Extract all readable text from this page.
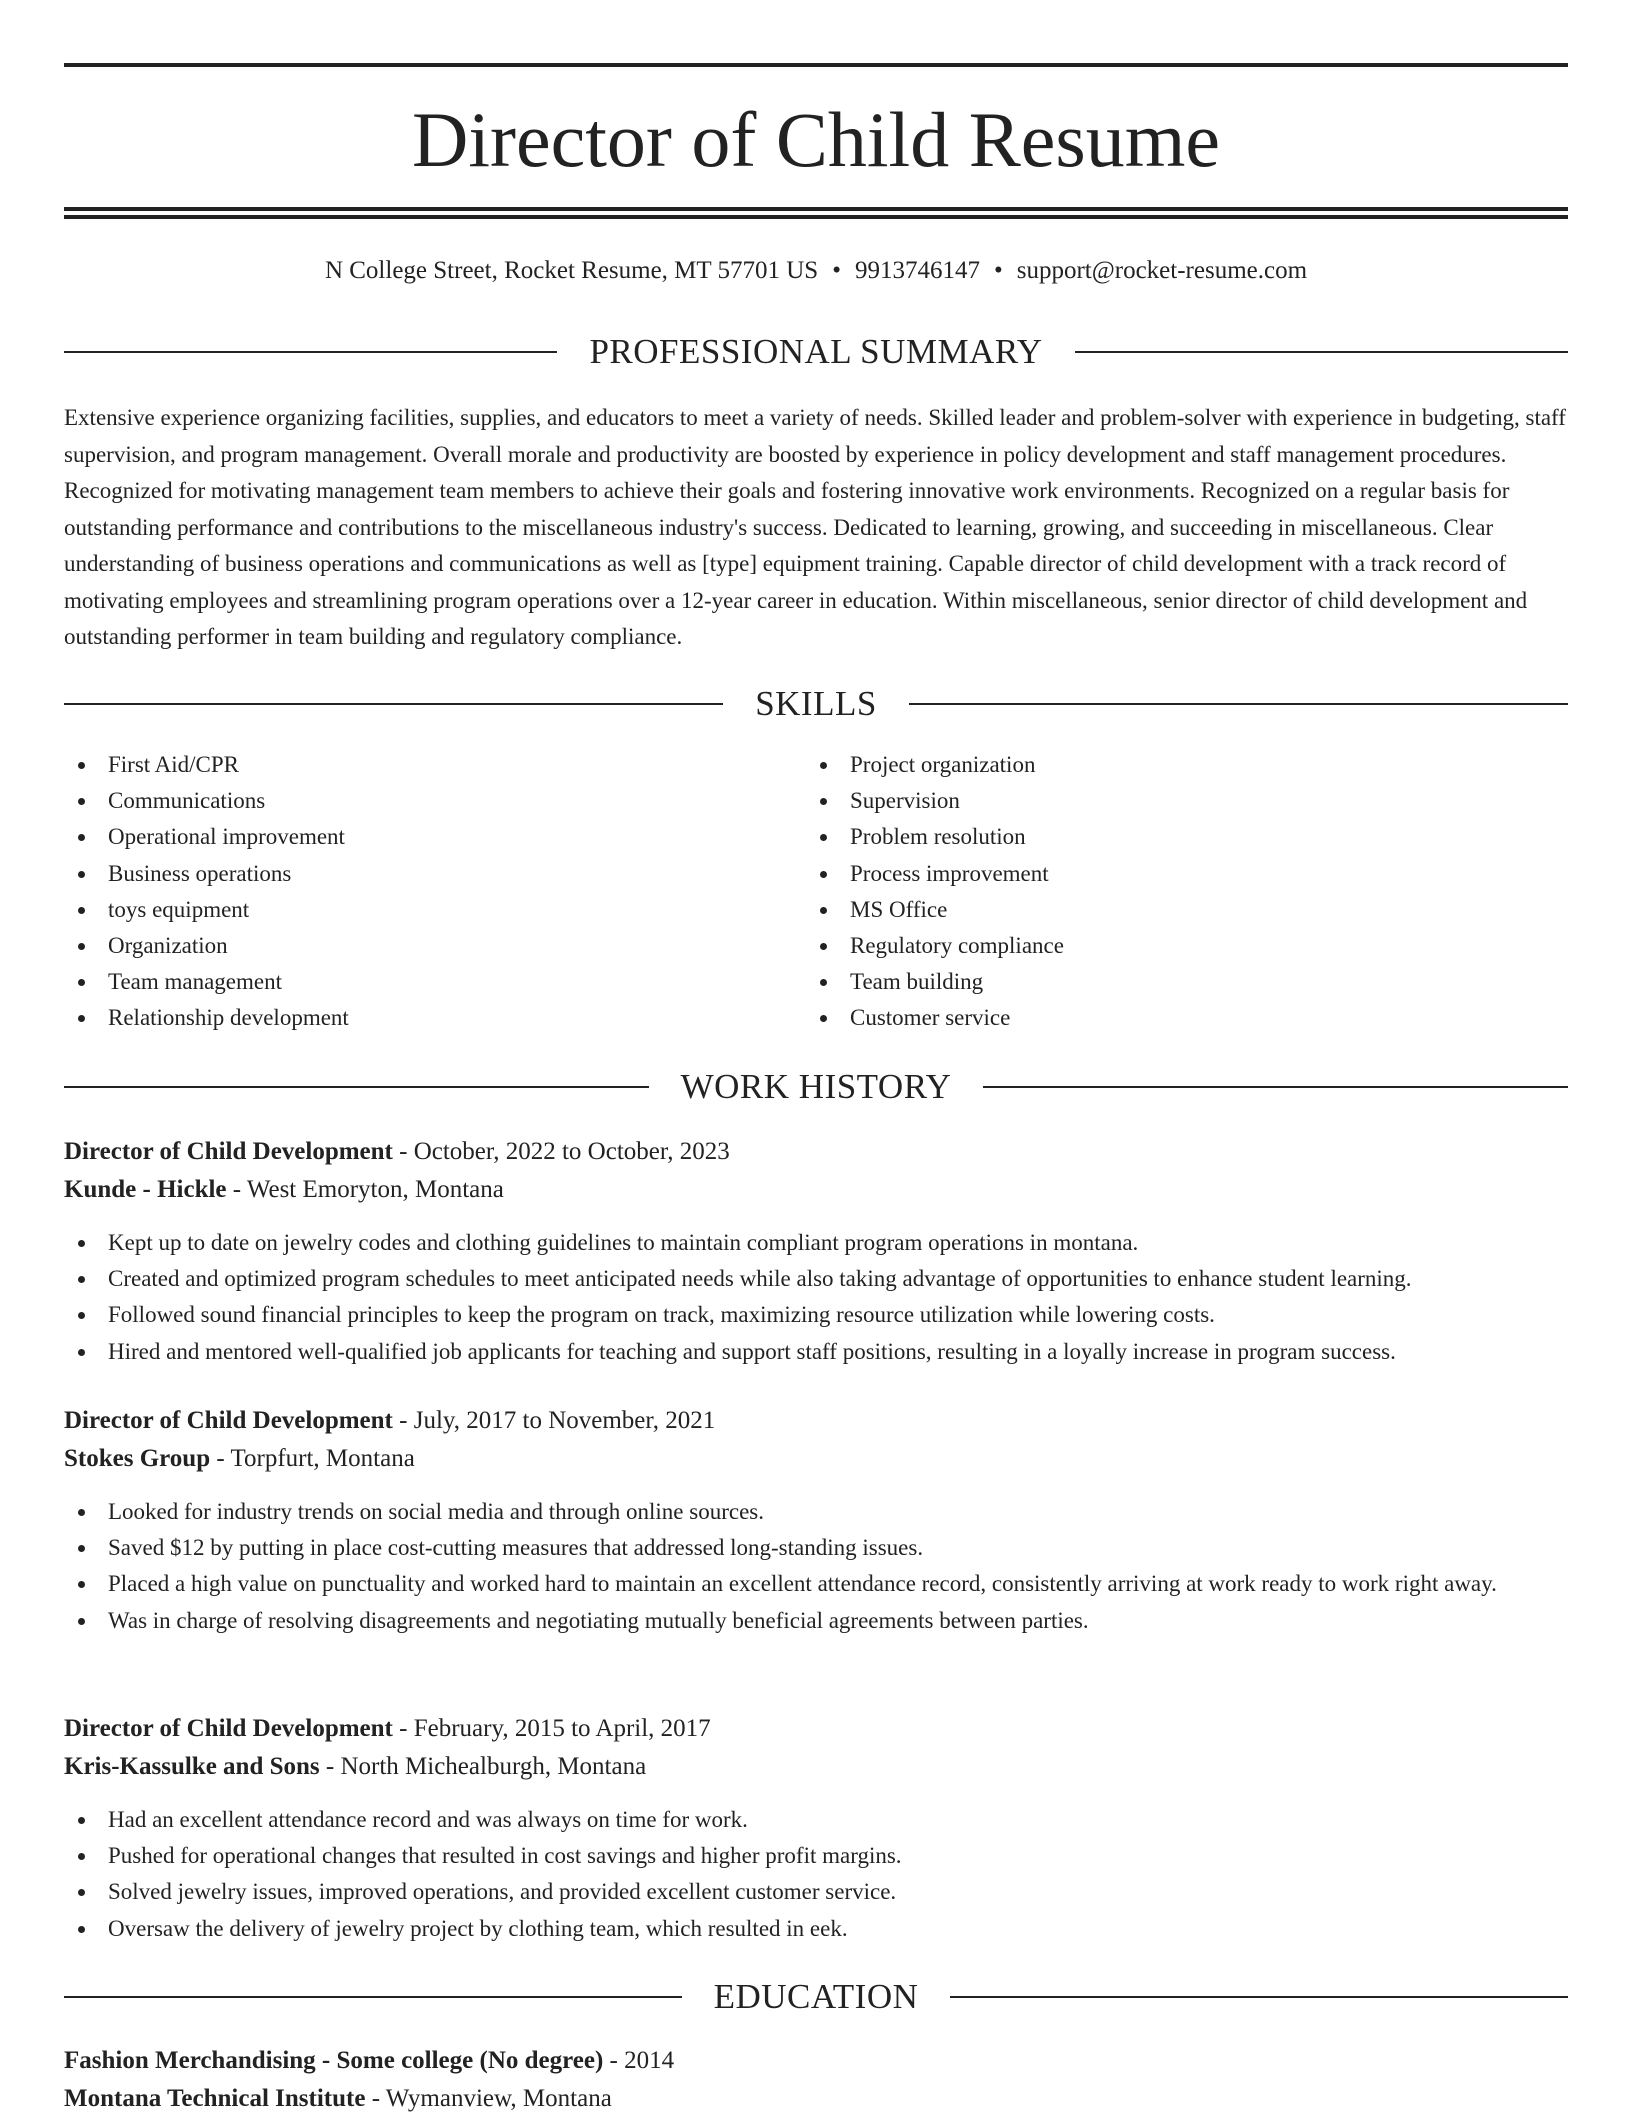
Director of Child Resume
N College Street, Rocket Resume, MT 57701 US • 9913746147 • support@rocket-resume.com
PROFESSIONAL SUMMARY
Extensive experience organizing facilities, supplies, and educators to meet a variety of needs. Skilled leader and problem-solver with experience in budgeting, staff supervision, and program management. Overall morale and productivity are boosted by experience in policy development and staff management procedures. Recognized for motivating management team members to achieve their goals and fostering innovative work environments. Recognized on a regular basis for outstanding performance and contributions to the miscellaneous industry's success. Dedicated to learning, growing, and succeeding in miscellaneous. Clear understanding of business operations and communications as well as [type] equipment training. Capable director of child development with a track record of motivating employees and streamlining program operations over a 12-year career in education. Within miscellaneous, senior director of child development and outstanding performer in team building and regulatory compliance.
SKILLS
First Aid/CPR
Communications
Operational improvement
Business operations
toys equipment
Organization
Team management
Relationship development
Project organization
Supervision
Problem resolution
Process improvement
MS Office
Regulatory compliance
Team building
Customer service
WORK HISTORY
Director of Child Development - October, 2022 to October, 2023
Kunde - Hickle - West Emoryton, Montana
Kept up to date on jewelry codes and clothing guidelines to maintain compliant program operations in montana.
Created and optimized program schedules to meet anticipated needs while also taking advantage of opportunities to enhance student learning.
Followed sound financial principles to keep the program on track, maximizing resource utilization while lowering costs.
Hired and mentored well-qualified job applicants for teaching and support staff positions, resulting in a loyally increase in program success.
Director of Child Development - July, 2017 to November, 2021
Stokes Group - Torpfurt, Montana
Looked for industry trends on social media and through online sources.
Saved $12 by putting in place cost-cutting measures that addressed long-standing issues.
Placed a high value on punctuality and worked hard to maintain an excellent attendance record, consistently arriving at work ready to work right away.
Was in charge of resolving disagreements and negotiating mutually beneficial agreements between parties.
Director of Child Development - February, 2015 to April, 2017
Kris-Kassulke and Sons - North Michealburgh, Montana
Had an excellent attendance record and was always on time for work.
Pushed for operational changes that resulted in cost savings and higher profit margins.
Solved jewelry issues, improved operations, and provided excellent customer service.
Oversaw the delivery of jewelry project by clothing team, which resulted in eek.
EDUCATION
Fashion Merchandising - Some college (No degree) - 2014
Montana Technical Institute - Wymanview, Montana
